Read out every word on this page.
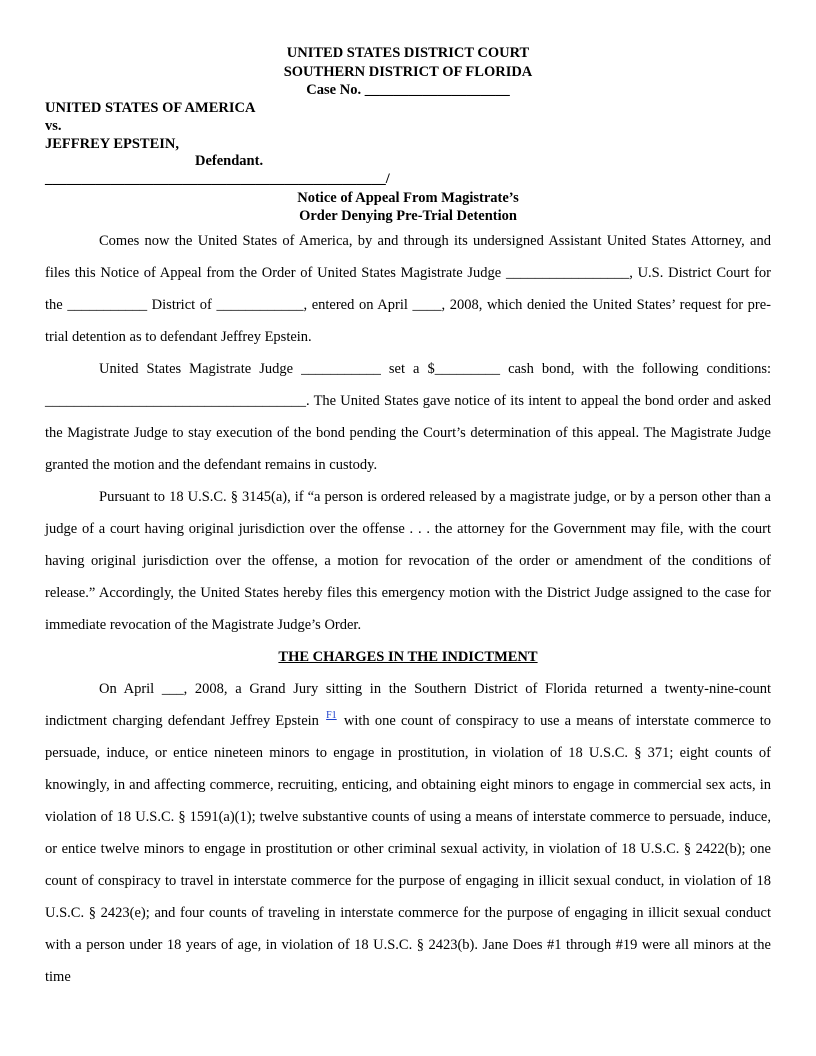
UNITED STATES DISTRICT COURT
SOUTHERN DISTRICT OF FLORIDA
Case No. ____________________
UNITED STATES OF AMERICA
vs.
JEFFREY EPSTEIN,
Defendant.
_______________________________________________/
Notice of Appeal From Magistrate’s
Order Denying Pre-Trial Detention

Comes now the United States of America, by and through its undersigned Assistant United States Attorney, and files this Notice of Appeal from the Order of United States Magistrate Judge _________________, U.S. District Court for the ___________ District of ____________, entered on April ____, 2008, which denied the United States’ request for pre-trial detention as to defendant Jeffrey Epstein.

United States Magistrate Judge ___________ set a $_________ cash bond, with the following conditions: ____________________________________. The United States gave notice of its intent to appeal the bond order and asked the Magistrate Judge to stay execution of the bond pending the Court’s determination of this appeal. The Magistrate Judge granted the motion and the defendant remains in custody.

Pursuant to 18 U.S.C. § 3145(a), if “a person is ordered released by a magistrate judge, or by a person other than a judge of a court having original jurisdiction over the offense . . . the attorney for the Government may file, with the court having original jurisdiction over the offense, a motion for revocation of the order or amendment of the conditions of release.” Accordingly, the United States hereby files this emergency motion with the District Judge assigned to the case for immediate revocation of the Magistrate Judge’s Order.

THE CHARGES IN THE INDICTMENT

On April ___, 2008, a Grand Jury sitting in the Southern District of Florida returned a twenty-nine-count indictment charging defendant Jeffrey Epstein $^{F1}$ with one count of conspiracy to use a means of interstate commerce to persuade, induce, or entice nineteen minors to engage in prostitution, in violation of 18 U.S.C. § 371; eight counts of knowingly, in and affecting commerce, recruiting, enticing, and obtaining eight minors to engage in commercial sex acts, in violation of 18 U.S.C. § 1591(a)(1); twelve substantive counts of using a means of interstate commerce to persuade, induce, or entice twelve minors to engage in prostitution or other criminal sexual activity, in violation of 18 U.S.C. § 2422(b); one count of conspiracy to travel in interstate commerce for the purpose of engaging in illicit sexual conduct, in violation of 18 U.S.C. § 2423(e); and four counts of traveling in interstate commerce for the purpose of engaging in illicit sexual conduct with a person under 18 years of age, in violation of 18 U.S.C. § 2423(b). Jane Does #1 through #19 were all minors at the time
